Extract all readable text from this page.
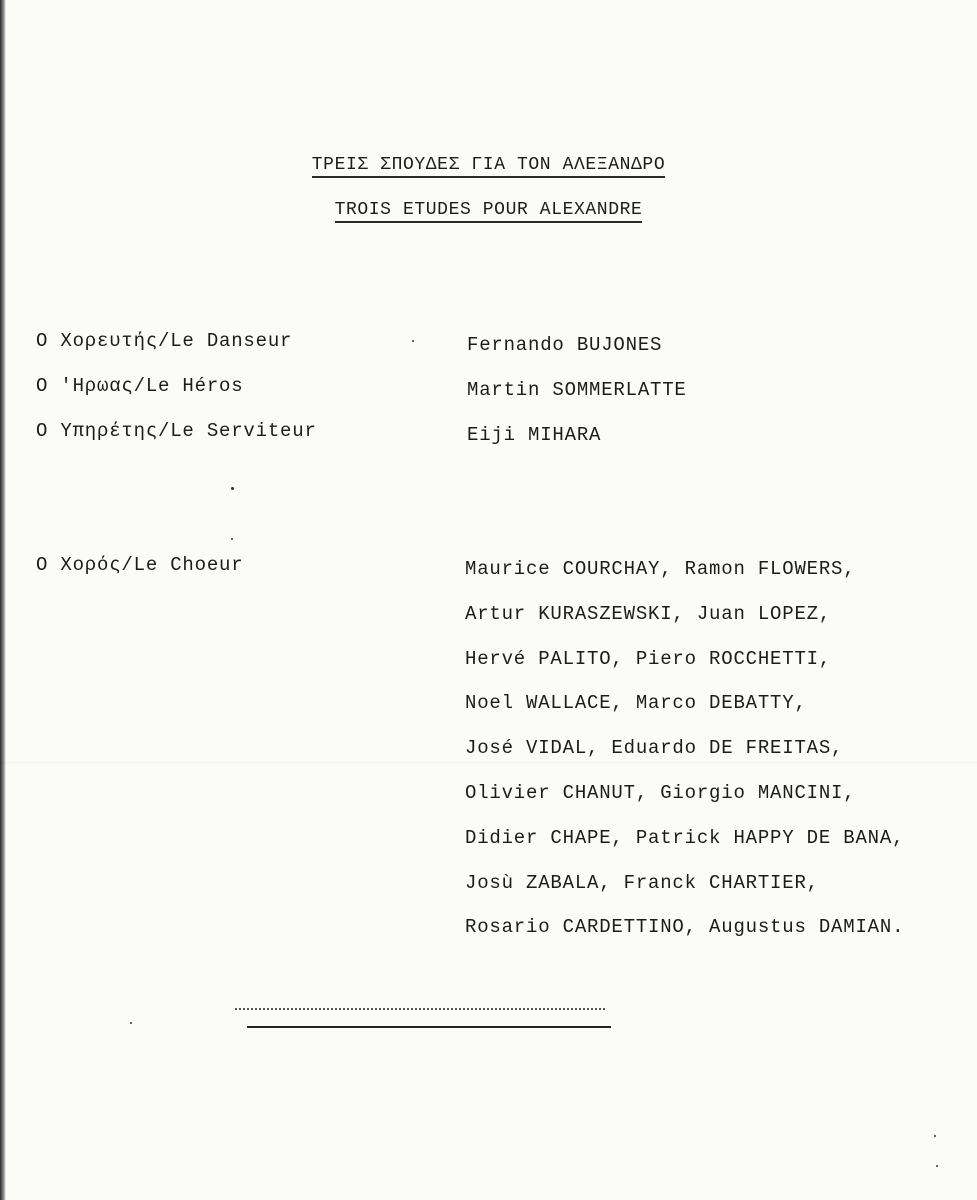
ΤΡΕΙΣ ΣΠΟΥΔΕΣ ΓΙΑ ΤΟΝ ΑΛΕΞΑΝΔΡΟ
TROIS ETUDES POUR ALEXANDRE
Ο Χορευτής/Le Danseur	Fernando BUJONES
Ο 'Ηρωας/Le Héros	Martin SOMMERLATTE
Ο Υπηρέτης/Le Serviteur	Eiji MIHARA
Ο Χορός/Le Choeur	Maurice COURCHAY, Ramon FLOWERS,
Artur KURASZEWSKI, Juan LOPEZ,
Hervé PALITO, Piero ROCCHETTI,
Noel WALLACE, Marco DEBATTY,
José VIDAL, Eduardo DE FREITAS,
Olivier CHANUT, Giorgio MANCINI,
Didier CHAPE, Patrick HAPPY DE BANA,
Josù ZABALA, Franck CHARTIER,
Rosario CARDETTINO, Augustus DAMIAN.
